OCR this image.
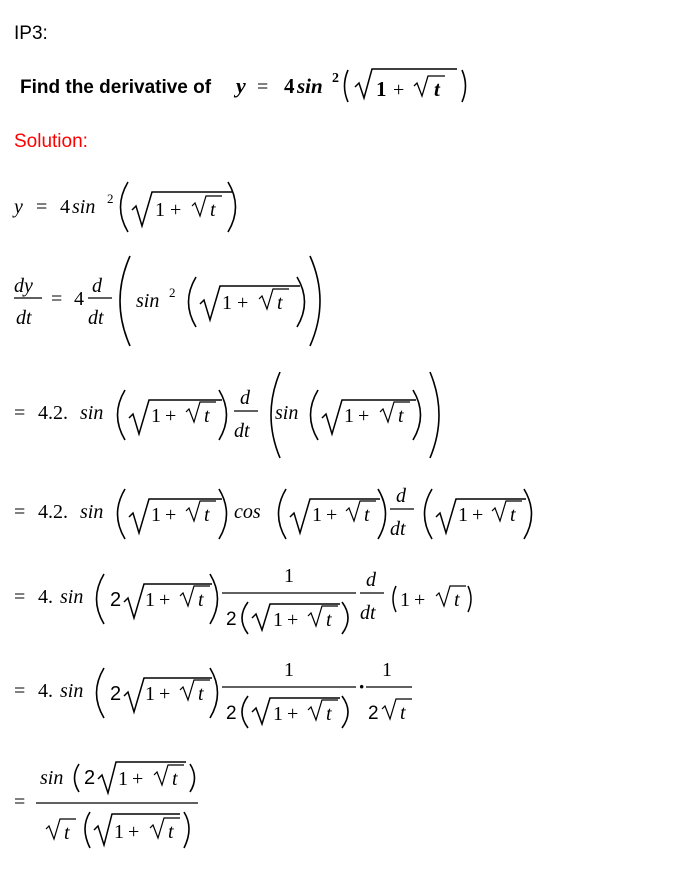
IP3:
Find the derivative of y = 4 sin 2 1 + t
Solution:
y = 4 sin 2
1 + t
dy
dt
= 4
d
dt
sin 2 1 + t
= 4.2. sin 1 + t
d
dt
sin 1 + t
= 4.2. sin 1 + t cos	1 + t
d
dt
1 + t
= 4. sin 2 1 + t
1
2 1 + t
d
dt
1 + t
= 4. sin 2 1 + t
1
2 1 + t
·
1
2 t
=
sin 2 1 + t
t 1 + t
